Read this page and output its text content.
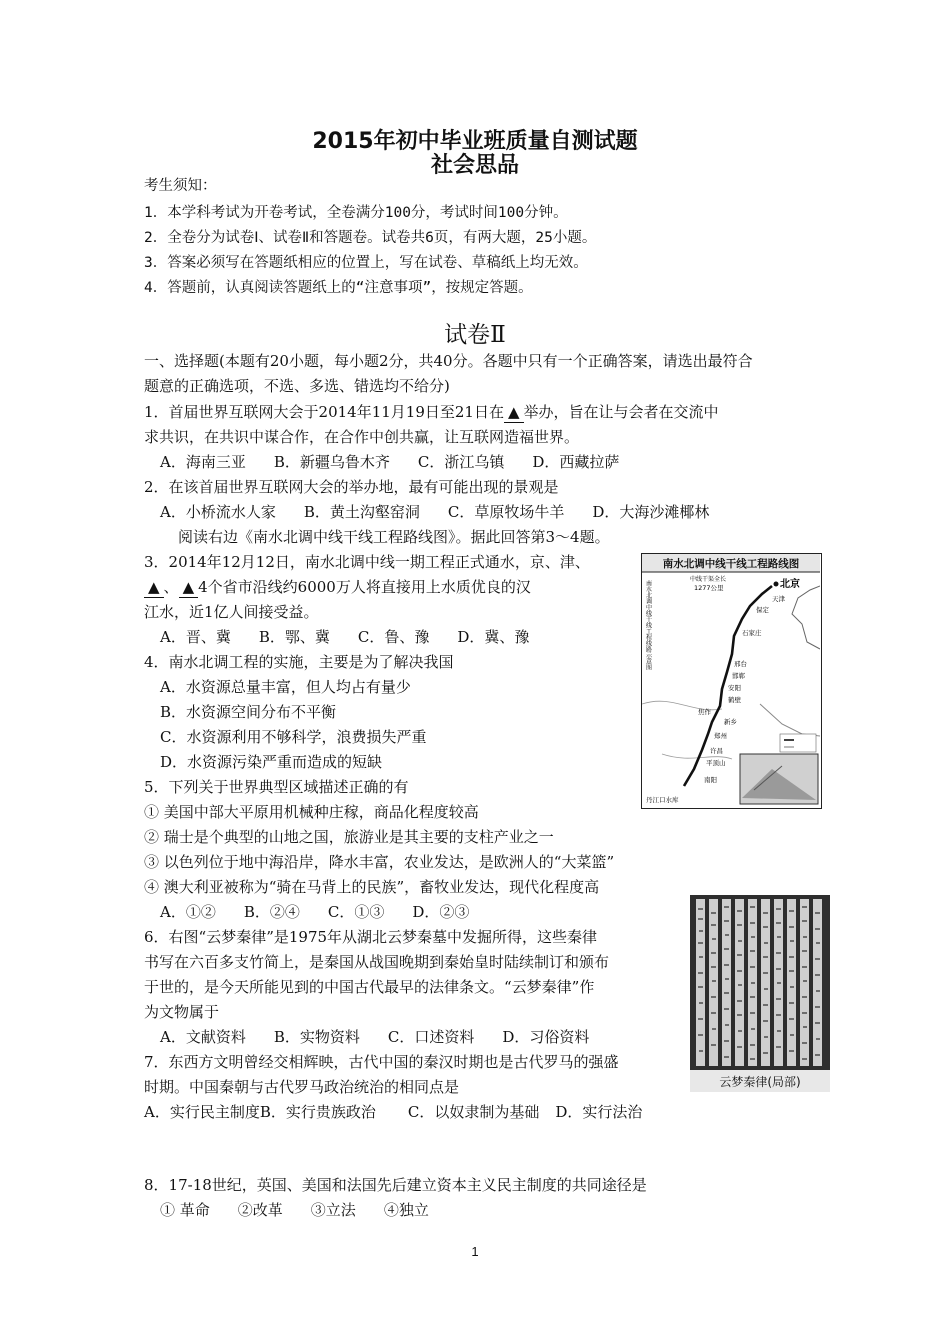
2015年初中毕业班质量自测试题
社会思品
考生须知：
1．本学科考试为开卷考试，全卷满分100分，考试时间100分钟。
2．全卷分为试卷Ⅰ、试卷Ⅱ和答题卷。试卷共6页，有两大题，25小题。
3．答案必须写在答题纸相应的位置上，写在试卷、草稿纸上均无效。
4．答题前，认真阅读答题纸上的“注意事项”，按规定答题。
试卷Ⅱ
一、选择题(本题有20小题，每小题2分，共40分。各题中只有一个正确答案，请选出最符合
题意的正确选项，不选、多选、错选均不给分)
1．首届世界互联网大会于2014年11月19日至21日在 ▲ 举办，旨在让与会者在交流中
求共识，在共识中谋合作，在合作中创共赢，让互联网造福世界。
A．海南三亚 B．新疆乌鲁木齐 C．浙江乌镇 D．西藏拉萨
2．在该首届世界互联网大会的举办地，最有可能出现的景观是
A．小桥流水人家 B．黄土沟壑窑洞 C．草原牧场牛羊 D．大海沙滩椰林
阅读右边《南水北调中线干线工程路线图》。据此回答第3～4题。
3．2014年12月12日，南水北调中线一期工程正式通水，京、津、
▲ 、 ▲ 4个省市沿线约6000万人将直接用上水质优良的汉
江水，近1亿人间接受益。
A．晋、冀 B．鄂、冀 C．鲁、豫 D．冀、豫
4．南水北调工程的实施，主要是为了解决我国
A．水资源总量丰富，但人均占有量少
B．水资源空间分布不平衡
C．水资源利用不够科学，浪费损失严重
D．水资源污染严重而造成的短缺
5．下列关于世界典型区域描述正确的有
① 美国中部大平原用机械种庄稼，商品化程度较高
② 瑞士是个典型的山地之国，旅游业是其主要的支柱产业之一
③ 以色列位于地中海沿岸，降水丰富，农业发达，是欧洲人的“大菜篮”
④ 澳大利亚被称为“骑在马背上的民族”，畜牧业发达，现代化程度高
A．①② B．②④ C．①③ D．②③
6．右图“云梦秦律”是1975年从湖北云梦秦墓中发掘所得，这些秦律
书写在六百多支竹简上，是秦国从战国晚期到秦始皇时陆续制订和颁布
于世的，是今天所能见到的中国古代最早的法律条文。“云梦秦律”作
为文物属于
A．文献资料 B．实物资料 C．口述资料 D．习俗资料
7．东西方文明曾经交相辉映，古代中国的秦汉时期也是古代罗马的强盛
时期。中国秦朝与古代罗马政治统治的相同点是
A．实行民主制度B．实行贵族政治 C．以奴隶制为基础 D．实行法治
8．17-18世纪，英国、美国和法国先后建立资本主义民主制度的共同途径是
① 革命 ②改革 ③立法 ④独立
南水北调中线干线工程路线图
北京
天津
保定
石家庄
邢台
邯郸
安阳
鹤壁
焦作
新乡
郑州
许昌
平顶山
南阳
丹江口水库
中线干渠全长
1277公里
南水北调中线干线工程线路示意图
云梦秦律(局部)
1
